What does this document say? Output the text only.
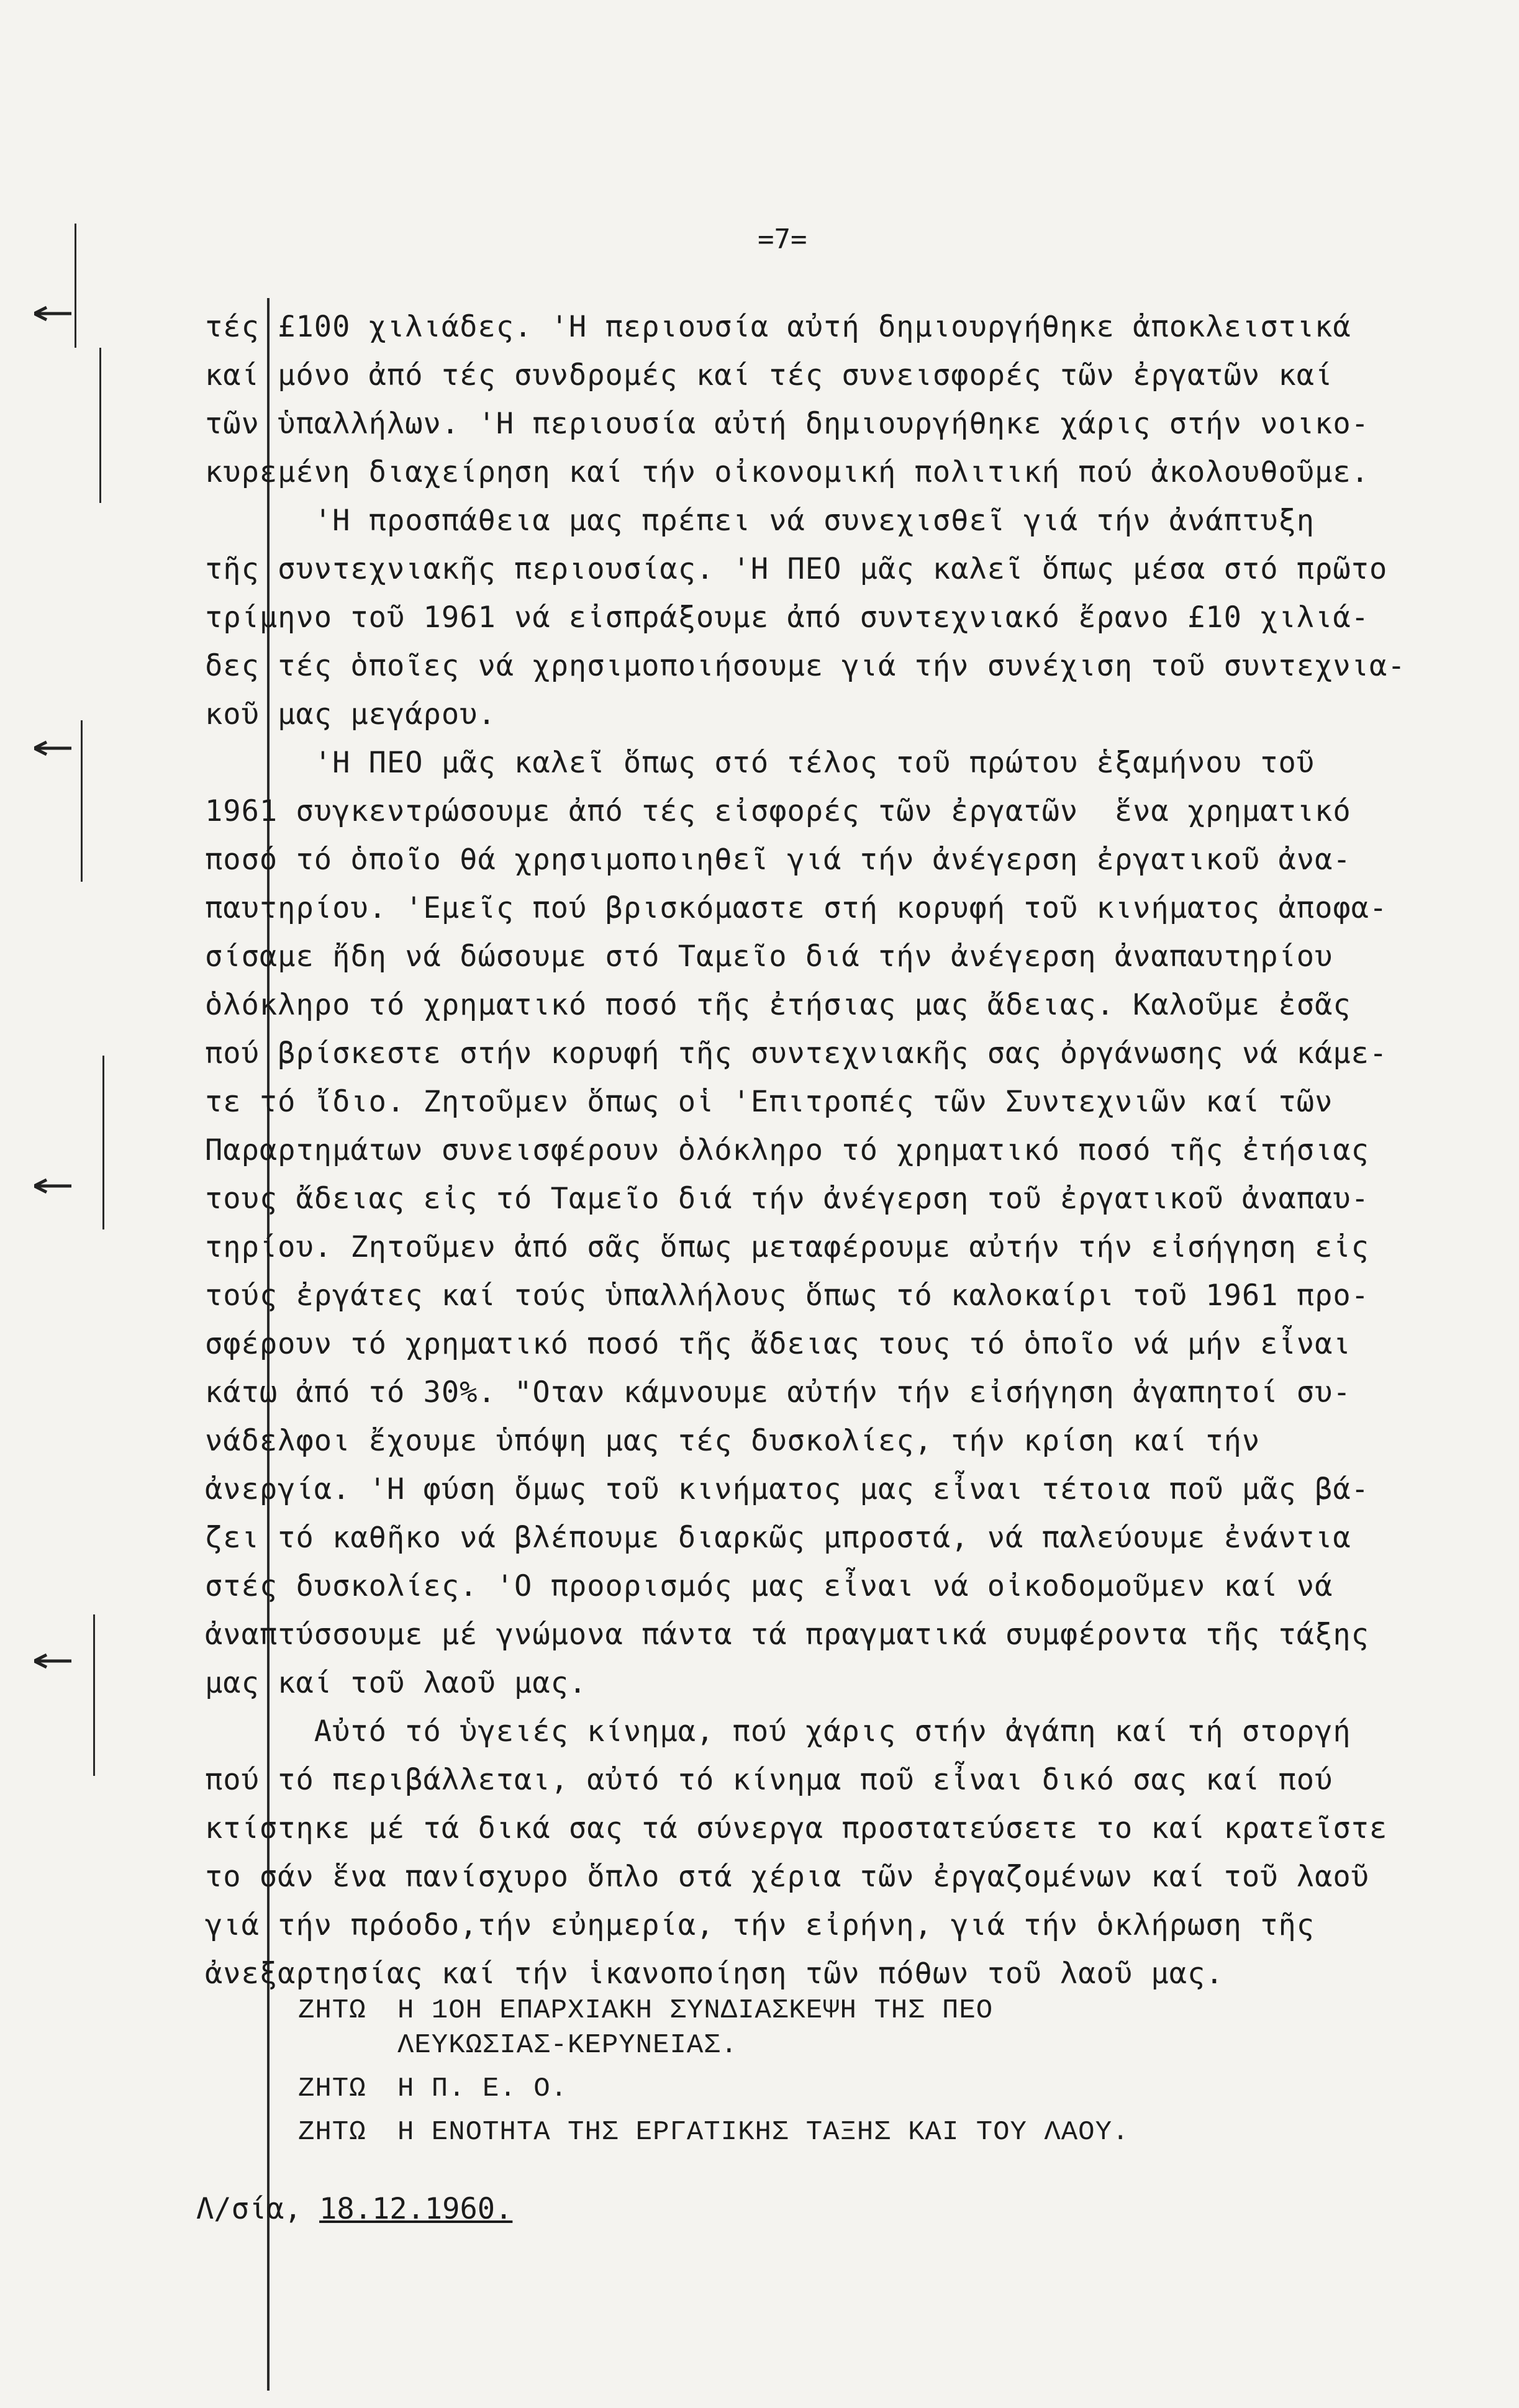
=7=
τές £100 χιλιάδες. 'Η περιουσία αὐτή δημιουργήθηκε ἀποκλειστικά
καί μόνο ἀπό τές συνδρομές καί τές συνεισφορές τῶν ἐργατῶν καί
τῶν ὑπαλλήλων. 'Η περιουσία αὐτή δημιουργήθηκε χάρις στήν νοικο-
κυρεμένη διαχείρηση καί τήν οἰκονομική πολιτική πού ἀκολουθοῦμε.
'Η προσπάθεια μας πρέπει νά συνεχισθεῖ γιά τήν ἀνάπτυξη
τῆς συντεχνιακῆς περιουσίας. 'Η ΠΕΟ μᾶς καλεῖ ὅπως μέσα στό πρῶτο
τρίμηνο τοῦ 1961 νά εἰσπράξουμε ἀπό συντεχνιακό ἔρανο £10 χιλιά-
δες τές ὁποῖες νά χρησιμοποιήσουμε γιά τήν συνέχιση τοῦ συντεχνια-
κοῦ μας μεγάρου.
'Η ΠΕΟ μᾶς καλεῖ ὅπως στό τέλος τοῦ πρώτου ἑξαμήνου τοῦ
1961 συγκεντρώσουμε ἀπό τές εἰσφορές τῶν ἐργατῶν  ἕνα χρηματικό
ποσό τό ὁποῖο θά χρησιμοποιηθεῖ γιά τήν ἀνέγερση ἐργατικοῦ ἀνα-
παυτηρίου. 'Εμεῖς πού βρισκόμαστε στή κορυφή τοῦ κινήματος ἀποφα-
σίσαμε ἤδη νά δώσουμε στό Ταμεῖο διά τήν ἀνέγερση ἀναπαυτηρίου
ὁλόκληρο τό χρηματικό ποσό τῆς ἐτήσιας μας ἄδειας. Καλοῦμε ἐσᾶς
πού βρίσκεστε στήν κορυφή τῆς συντεχνιακῆς σας ὀργάνωσης νά κάμε-
τε τό ἴδιο. Ζητοῦμεν ὅπως οἱ 'Επιτροπές τῶν Συντεχνιῶν καί τῶν
Παραρτημάτων συνεισφέρουν ὁλόκληρο τό χρηματικό ποσό τῆς ἐτήσιας
τους ἄδειας εἰς τό Ταμεῖο διά τήν ἀνέγερση τοῦ ἐργατικοῦ ἀναπαυ-
τηρίου. Ζητοῦμεν ἀπό σᾶς ὅπως μεταφέρουμε αὐτήν τήν εἰσήγηση εἰς
τούς ἐργάτες καί τούς ὑπαλλήλους ὅπως τό καλοκαίρι τοῦ 1961 προ-
σφέρουν τό χρηματικό ποσό τῆς ἄδειας τους τό ὁποῖο νά μήν εἶναι
κάτω ἀπό τό 30%. "Οταν κάμνουμε αὐτήν τήν εἰσήγηση ἀγαπητοί συ-
νάδελφοι ἔχουμε ὑπόψη μας τές δυσκολίες, τήν κρίση καί τήν
ἀνεργία. 'Η φύση ὅμως τοῦ κινήματος μας εἶναι τέτοια ποῦ μᾶς βά-
ζει τό καθῆκο νά βλέπουμε διαρκῶς μπροστά, νά παλεύουμε ἐνάντια
στές δυσκολίες. 'Ο προορισμός μας εἶναι νά οἰκοδομοῦμεν καί νά
ἀναπτύσσουμε μέ γνώμονα πάντα τά πραγματικά συμφέροντα τῆς τάξης
μας καί τοῦ λαοῦ μας.
Αὐτό τό ὑγειές κίνημα, πού χάρις στήν ἀγάπη καί τή στοργή
πού τό περιβάλλεται, αὐτό τό κίνημα ποῦ εἶναι δικό σας καί πού
κτίστηκε μέ τά δικά σας τά σύνεργα προστατεύσετε το καί κρατεῖστε
το σάν ἕνα πανίσχυρο ὅπλο στά χέρια τῶν ἐργαζομένων καί τοῦ λαοῦ
γιά τήν πρόοδο,τήν εὐημερία, τήν εἰρήνη, γιά τήν ὁκλήρωση τῆς
ἀνεξαρτησίας καί τήν ἱκανοποίηση τῶν πόθων τοῦ λαοῦ μας.
ΖΗΤΩ	Η 1ΟΗ ΕΠΑΡΧΙΑΚΗ ΣΥΝΔΙΑΣΚΕΨΗ ΤΗΣ ΠΕΟ
ΛΕΥΚΩΣΙΑΣ-ΚΕΡΥΝΕΙΑΣ.
ΖΗΤΩ	Η Π. Ε. Ο.
ΖΗΤΩ	Η ΕΝΟΤΗΤΑ ΤΗΣ ΕΡΓΑΤΙΚΗΣ ΤΑΞΗΣ ΚΑΙ ΤΟΥ ΛΑΟΥ.
Λ/σία, 18.12.1960.
